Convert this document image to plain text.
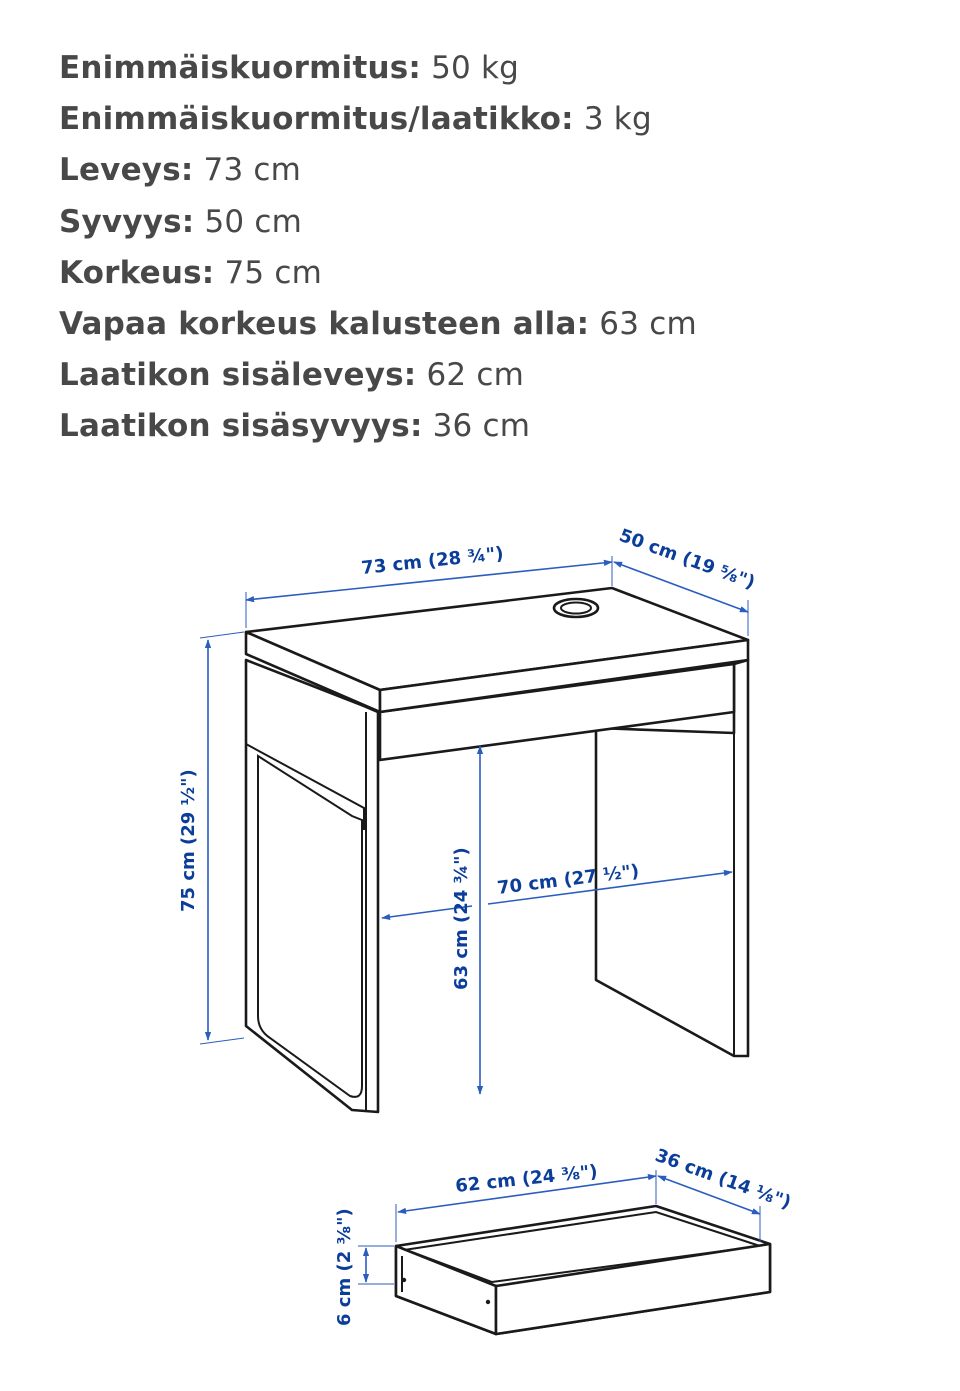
Enimmäiskuormitus: 50 kg
Enimmäiskuormitus/laatikko: 3 kg
Leveys: 73 cm
Syvyys: 50 cm
Korkeus: 75 cm
Vapaa korkeus kalusteen alla: 63 cm
Laatikon sisäleveys: 62 cm
Laatikon sisäsyvyys: 36 cm
73 cm (28 ¾")	50 cm (19 ⅝")
75 cm (29 ½")
63 cm (24 ¾") 70 cm (27 ½")
62 cm (24 ⅜")	36 cm (14 ⅛")
6 cm (2 ⅜")
